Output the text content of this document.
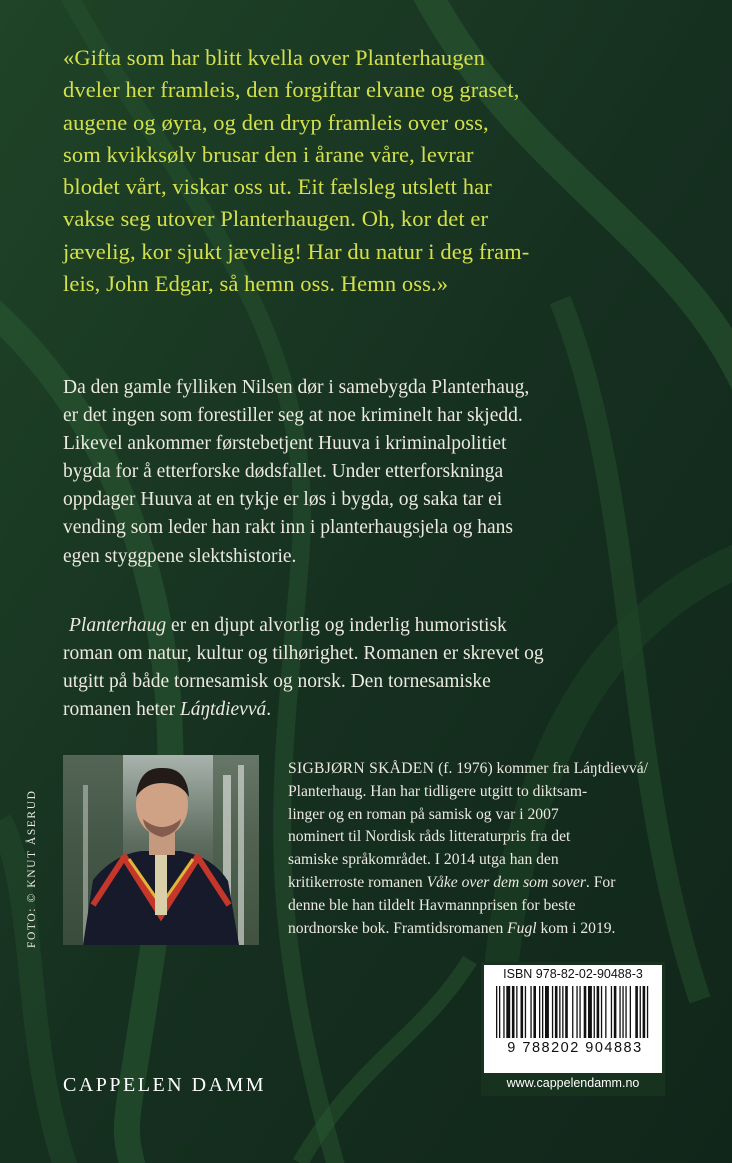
«Gifta som har blitt kvella over Planterhaugen

dveler her framleis, den forgiftar elvane og graset,

augene og øyra, og den dryp framleis over oss,

som kvikksølv brusar den i årane våre, levrar

blodet vårt, viskar oss ut. Eit fælsleg utslett har

vakse seg utover Planterhaugen. Oh, kor det er

jævelig, kor sjukt jævelig! Har du natur i deg fram-

leis, John Edgar, så hemn oss. Hemn oss.»

Da den gamle fylliken Nilsen dør i samebygda Planterhaug,

er det ingen som forestiller seg at noe kriminelt har skjedd.

Likevel ankommer førstebetjent Huuva i kriminalpolitiet

bygda for å etterforske dødsfallet. Under etterforskninga

oppdager Huuva at en tykje er løs i bygda, og saka tar ei

vending som leder han rakt inn i planterhaugsjela og hans

egen styggpene slektshistorie.

Planterhaug er en djupt alvorlig og inderlig humoristisk

roman om natur, kultur og tilhørighet. Romanen er skrevet og

utgitt på både tornesamisk og norsk. Den tornesamiske

romanen heter Láŋtdievvá.

FOTO: © KNUT ÅSERUD

SIGBJØRN SKÅDEN (f. 1976) kommer fra Láŋtdievvá/

Planterhaug. Han har tidligere utgitt to diktsam-

linger og en roman på samisk og var i 2007

nominert til Nordisk råds litteraturpris fra det

samiske språkområdet. I 2014 utga han den

kritikerroste romanen Våke over dem som sover. For

denne ble han tildelt Havmannprisen for beste

nordnorske bok. Framtidsromanen Fugl kom i 2019.

CAPPELEN DAMM
ISBN 978-82-02-90488-3
9 788202 904883
www.cappelendamm.no
